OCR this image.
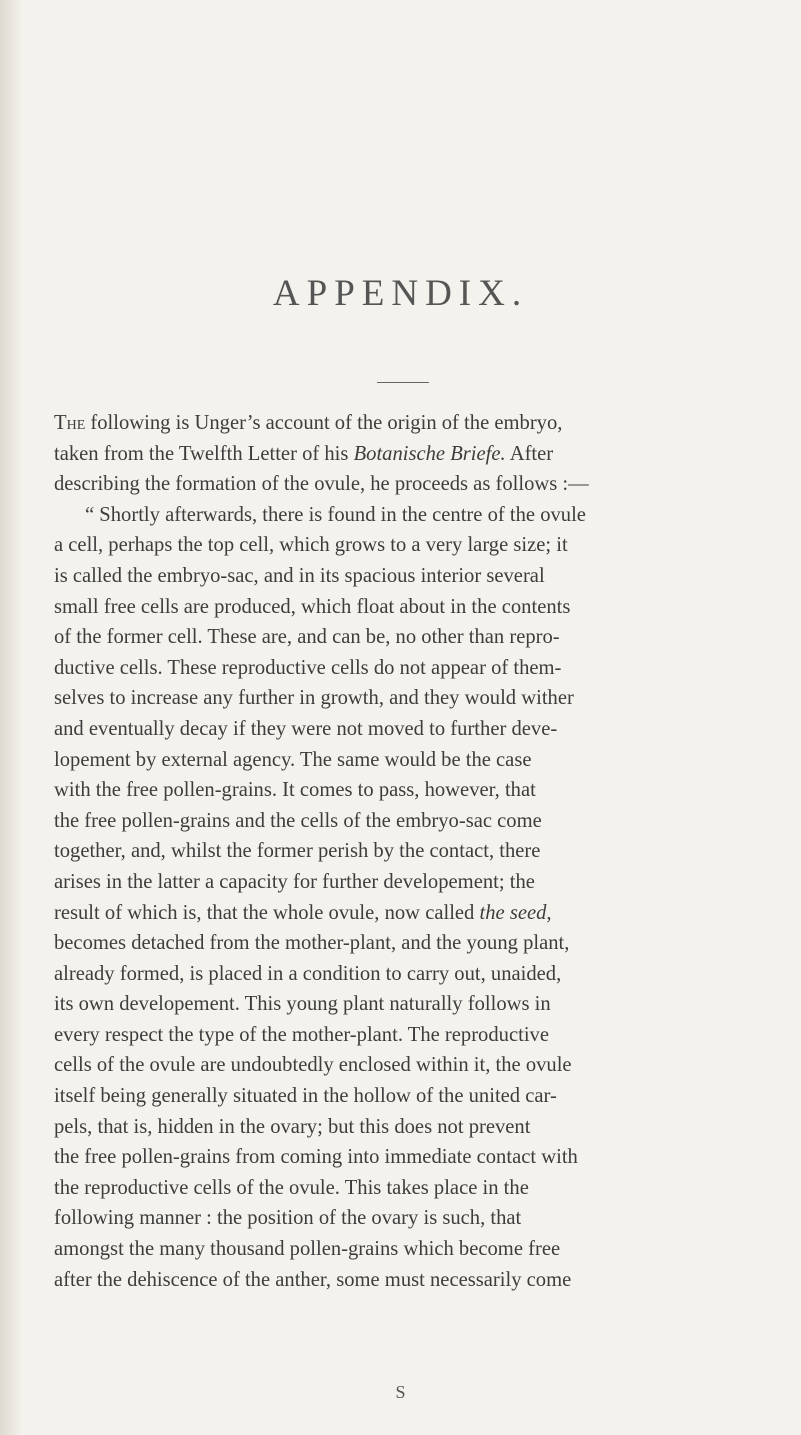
APPENDIX.
The following is Unger’s account of the origin of the embryo,
taken from the Twelfth Letter of his Botanische Briefe. After
describing the formation of the ovule, he proceeds as follows :—
“ Shortly afterwards, there is found in the centre of the ovule
a cell, perhaps the top cell, which grows to a very large size; it
is called the embryo-sac, and in its spacious interior several
small free cells are produced, which float about in the contents
of the former cell. These are, and can be, no other than repro-
ductive cells. These reproductive cells do not appear of them-
selves to increase any further in growth, and they would wither
and eventually decay if they were not moved to further deve-
lopement by external agency. The same would be the case
with the free pollen-grains. It comes to pass, however, that
the free pollen-grains and the cells of the embryo-sac come
together, and, whilst the former perish by the contact, there
arises in the latter a capacity for further developement; the
result of which is, that the whole ovule, now called the seed,
becomes detached from the mother-plant, and the young plant,
already formed, is placed in a condition to carry out, unaided,
its own developement. This young plant naturally follows in
every respect the type of the mother-plant. The reproductive
cells of the ovule are undoubtedly enclosed within it, the ovule
itself being generally situated in the hollow of the united car-
pels, that is, hidden in the ovary; but this does not prevent
the free pollen-grains from coming into immediate contact with
the reproductive cells of the ovule. This takes place in the
following manner : the position of the ovary is such, that
amongst the many thousand pollen-grains which become free
after the dehiscence of the anther, some must necessarily come
S
